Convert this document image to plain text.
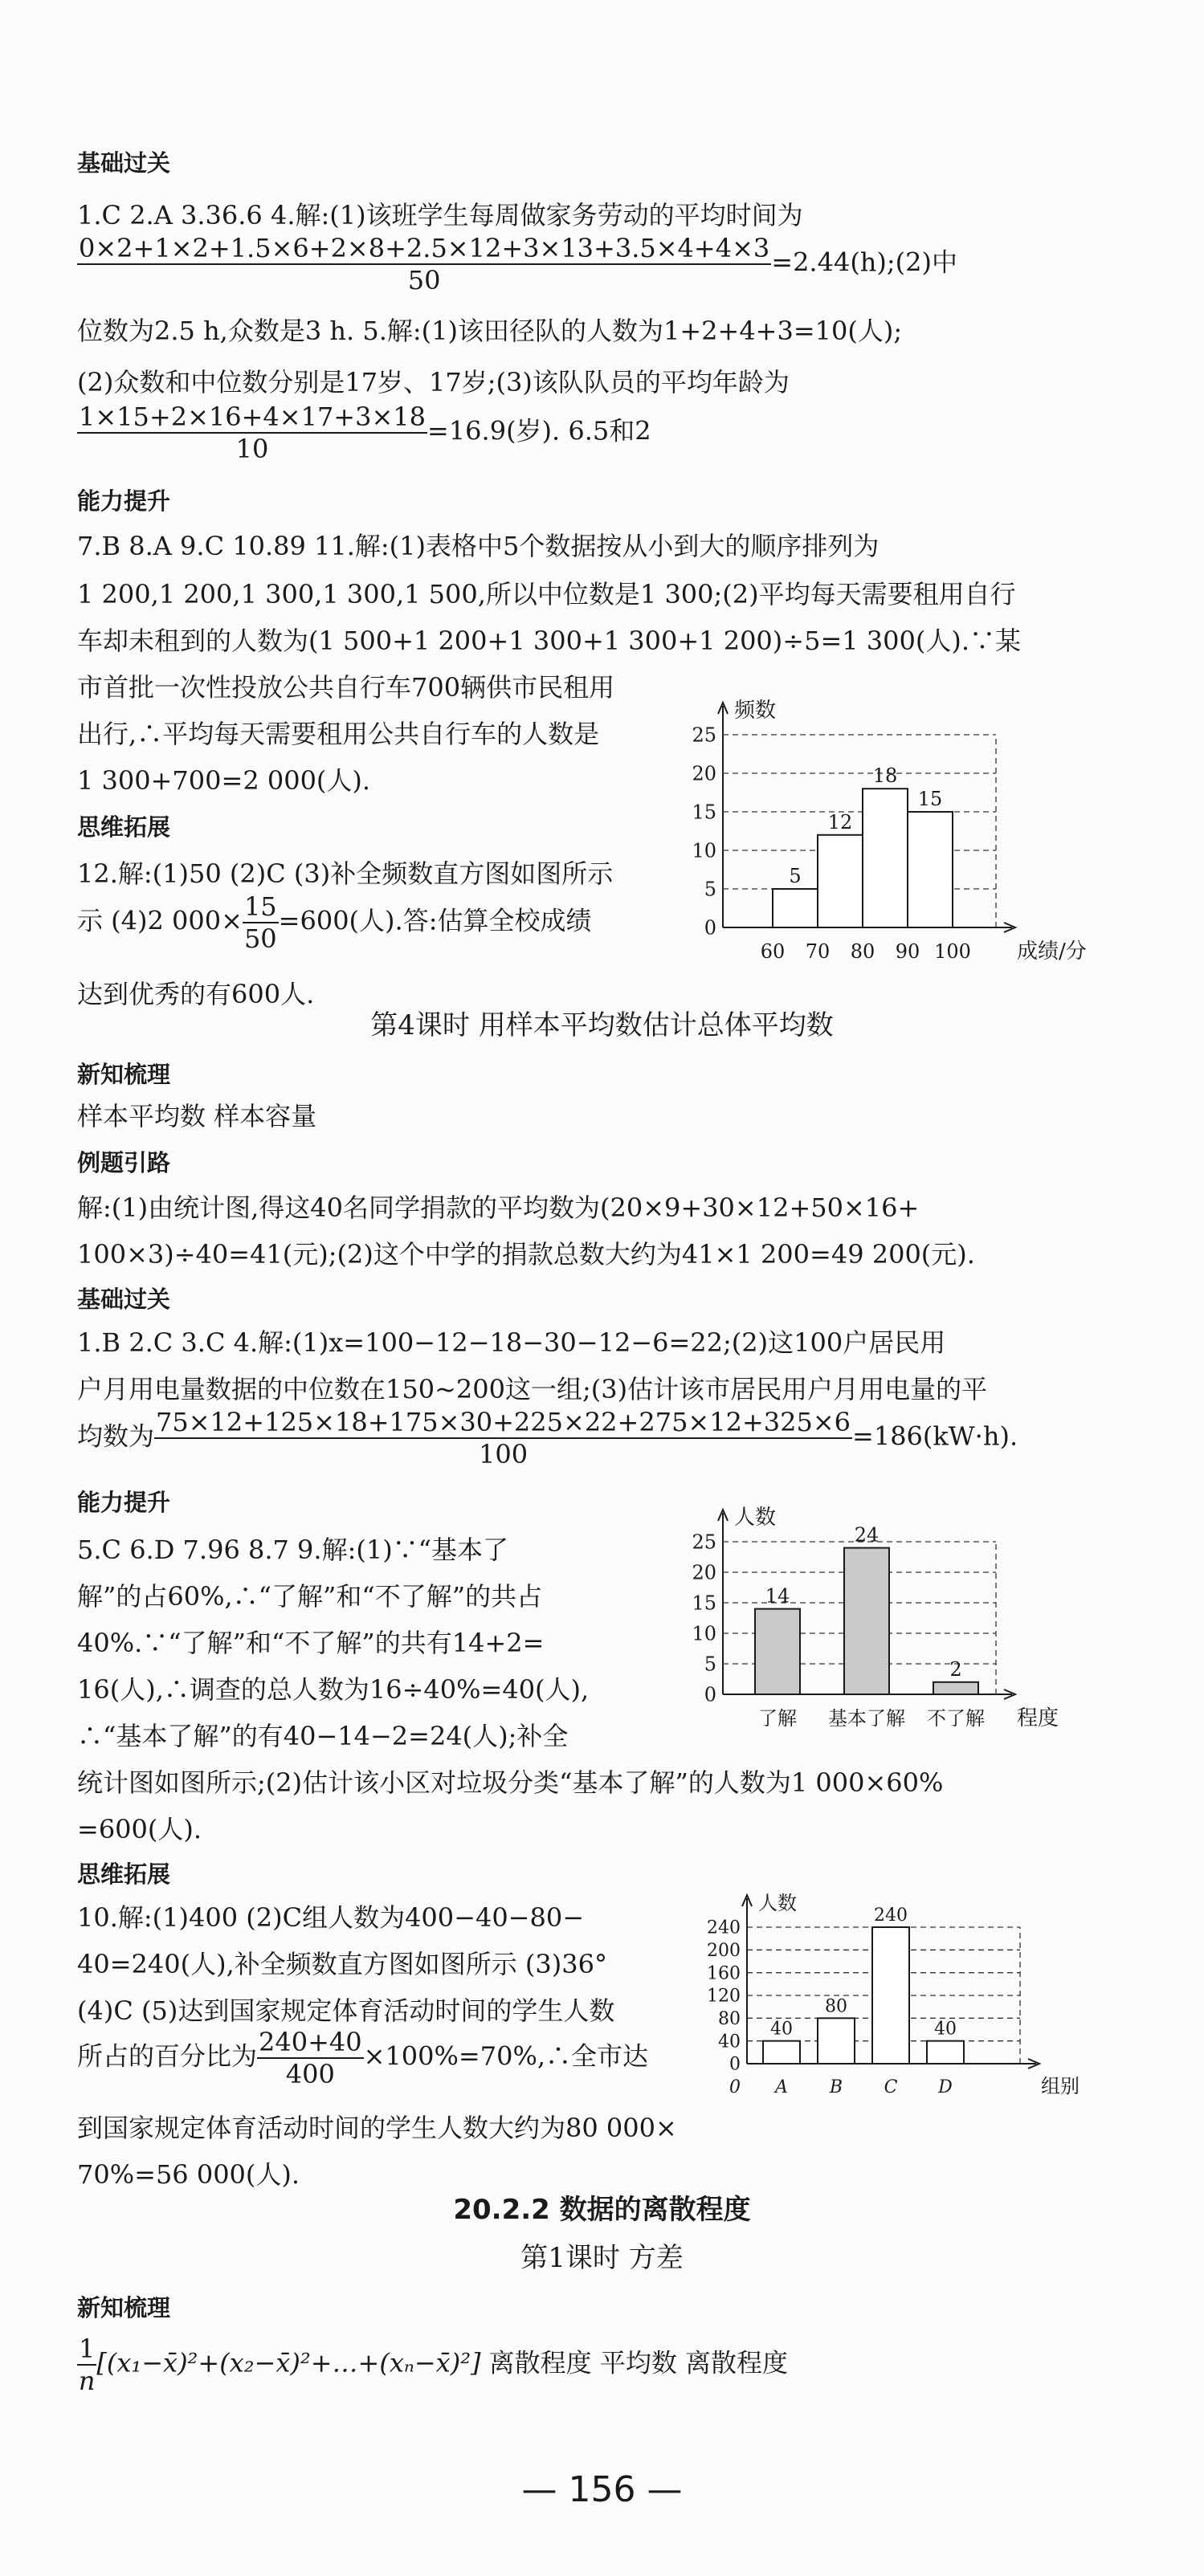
基础过关
1.C 2.A 3.36.6 4.解:(1)该班学生每周做家务劳动的平均时间为
$\frac{0\times 2+1\times 2+1.5\times 6+2\times 8+2.5\times 12+3\times 13+3.5\times 4+4\times 3}{50}$ =2.44(h);(2)中
位数为2.5 h,众数是3 h. 5.解:(1)该田径队的人数为1+2+4+3=10(人);
(2)众数和中位数分别是17岁、17岁;(3)该队队员的平均年龄为
$\frac{1\times 15+2\times 16+4\times 17+3\times 18}{10} =16.9$(岁). 6.5和2
能力提升
7.B 8.A 9.C 10.89 11.解:(1)表格中5个数据按从小到大的顺序排列为
1 200,1 200,1 300,1 300,1 500,所以中位数是1 300;(2)平均每天需要租用自行
车却未租到的人数为(1 500+1 200+1 300+1 300+1 200)÷5=1 300(人).∵某
市首批一次性投放公共自行车700辆供市民租用
出行,∴平均每天需要租用公共自行车的人数是
1 300+700=2 000(人).
思维拓展
12.解:(1)50 (2)C (3)补全频数直方图如图所示
示 (4)2 $000\times \frac{15}{50} =600$(人).答:估算全校成绩
达到优秀的有600人.
0
5
10
15
20
25
频数
成绩/分
5
12
18
15
60 70 80 90 100
第4课时 用样本平均数估计总体平均数
新知梳理
样本平均数 样本容量
例题引路
解:(1)由统计图,得这40名同学捐款的平均数为(20×9+30×12+50×16+
100×3)÷40=41(元);(2)这个中学的捐款总数大约为41×1 200=49 200(元).
基础过关
1.B 2.C 3.C 4.解:(1)x=100−12−18−30−12−6=22;(2)这100户居民用
户月用电量数据的中位数在150~200这一组;(3)估计该市居民用户月用电量的平
均数为 $\frac{75\times 12+125\times 18+175\times 30+225\times 22+275\times 12+325\times 6}{100} =186(kW\cdot h)$.
能力提升
5.C 6.D 7.96 8.7 9.解:(1)∵“基本了
解”的占60%,∴“了解”和“不了解”的共占
40%.∵“了解”和“不了解”的共有14+2=
16(人),∴调查的总人数为16÷40%=40(人),
∴“基本了解”的有40−14−2=24(人);补全
统计图如图所示;(2)估计该小区对垃圾分类“基本了解”的人数为1 000×60%
=600(人).
0
5
10
15
20
25
人数
程度
14
了解
24
基本了解
2
不了解
思维拓展
10.解:(1)400 (2)C组人数为400−40−80−
40=240(人),补全频数直方图如图所示 (3)36°
(4)C (5)达到国家规定体育活动时间的学生人数
所占的百分比为 $\frac{240+40}{400}$ ×100%=70%,∴全市达
到国家规定体育活动时间的学生人数大约为80 000×
70%=56 000(人).
0
40
80
120
160
200
240
人数
组别
40
A
80
B
240
C
40
D
0
20.2.2 数据的离散程度
第1课时 方差
新知梳理
$\frac{1}{n}$ [(x₁−x̄)²+(x₂−x̄)²+…+(xₙ−x̄)²] 离散程度 平均数 离散程度
— 156 —
